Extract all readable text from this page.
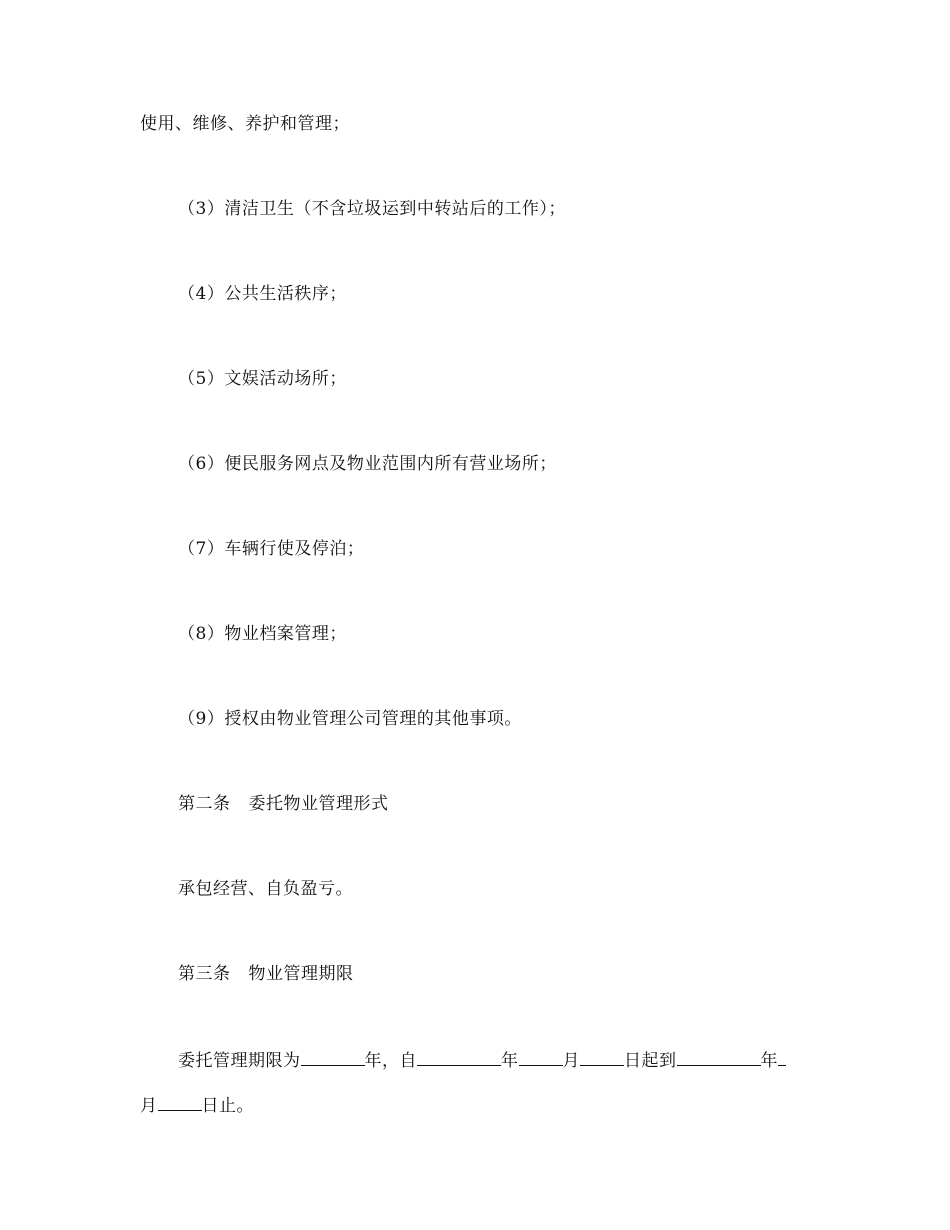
使用、维修、养护和管理；
（3）清洁卫生（不含垃圾运到中转站后的工作）；
（4）公共生活秩序；
（5）文娱活动场所；
（6）便民服务网点及物业范围内所有营业场所；
（7）车辆行使及停泊；
（8）物业档案管理；
（9）授权由物业管理公司管理的其他事项。
第二条 委托物业管理形式
承包经营、自负盈亏。
第三条 物业管理期限
委托管理期限为	年，自	年	月	日起到	年
月	日止。
